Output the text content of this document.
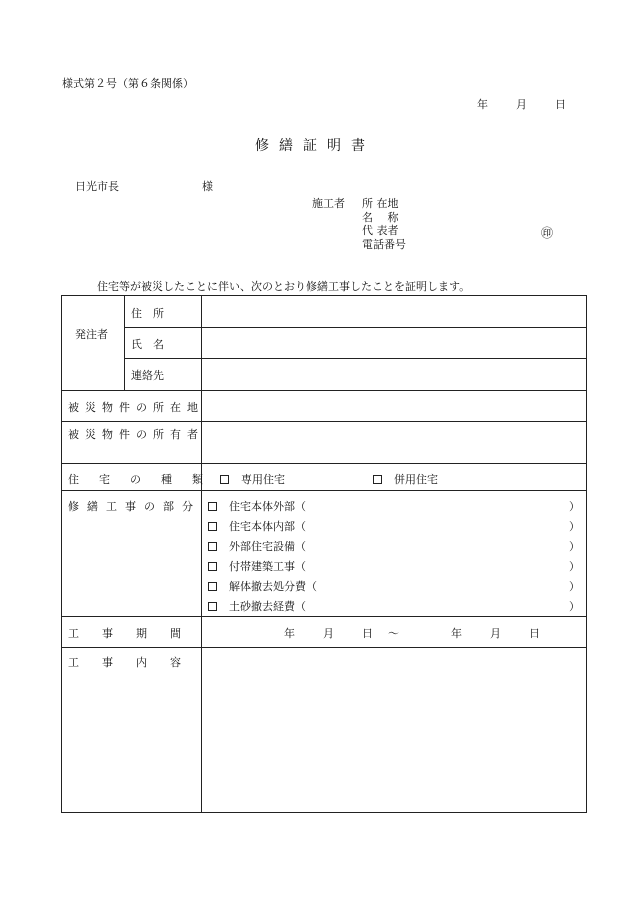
様式第２号（第６条関係）
年	月	日
修繕証明書
日光市長	様
施工者 所 在地
名　 称
代 表者
電話番号
㊞
住宅等が被災したことに伴い、次のとおり修繕工事したことを証明します。
発注者
住　所
氏　名
連絡先
被災物件の所在地
被災物件の所有者
住宅の種類	専用住宅	併用住宅
修繕工事の部分	住宅本体外部（	）
住宅本体内部（	）
外部住宅設備（	）
付帯建築工事（	）
解体撤去処分費（	）
土砂撤去経費（	）
工事期間	年	月	日 ～	年	月	日
工事内容
